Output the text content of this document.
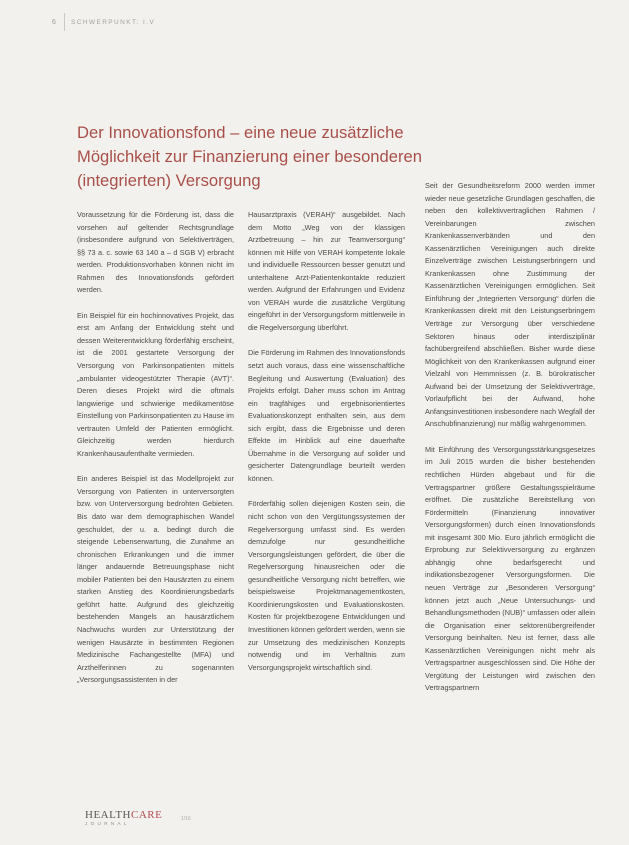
6 SCHWERPUNKT: I.V
Der Innovationsfond – eine neue zusätzliche
Möglichkeit zur Finanzierung einer besonderen
(integrierten) Versorgung

Voraussetzung für die Förderung ist, dass die vorsehen auf geltender Rechtsgrundlage (insbesondere aufgrund von Selektiverträgen, §§ 73 a. c. sowie 63 140 a – d SGB V) erbracht werden. Produktionsvorhaben können nicht im Rahmen des Innovationsfonds gefördert werden.

Ein Beispiel für ein hochinnovatives Projekt, das erst am Anfang der Entwicklung steht und dessen Weiterentwicklung förderfähig erscheint, ist die 2001 gestartete Versorgung der Versorgung von Parkinsonpatienten mittels „ambulanter videogestützter Therapie (AVT)“. Deren dieses Projekt wird die oftmals langwierige und schwierige medikamentöse Einstellung von Parkinsonpatienten zu Hause im vertrauten Umfeld der Patienten ermöglicht. Gleichzeitig werden hierdurch Krankenhausaufenthalte vermieden.

Ein anderes Beispiel ist das Modellprojekt zur Versorgung von Patienten in unterversorgten bzw. von Unterversorgung bedrohten Gebieten. Bis dato war dem demographischen Wandel geschuldet, der u. a. bedingt durch die steigende Lebenserwartung, die Zunahme an chronischen Erkrankungen und die immer länger andauernde Betreuungsphase nicht mobiler Patienten bei den Hausärzten zu einem starken Anstieg des Koordinierungsbedarfs geführt hatte. Aufgrund des gleichzeitig bestehenden Mangels an hausärztlichem Nachwuchs wurden zur Unterstützung der wenigen Hausärzte in bestimmten Regionen Medizinische Fachangestellte (MFA) und Arzthelferinnen zu sogenannten „Versorgungsassistenten in der

Hausarztpraxis (VERAH)“ ausgebildet. Nach dem Motto „Weg von der klassigen Arztbetreuung – hin zur Teamversorgung“ können mit Hilfe von VERAH kompetente lokale und individuelle Ressourcen besser genutzt und unterhaltene Arzt-Patientenkontakte reduziert werden. Aufgrund der Erfahrungen und Evidenz von VERAH wurde die zusätzliche Vergütung eingeführt in der Versorgungsform mittlerweile in die Regelversorgung überführt.

Die Förderung im Rahmen des Innovationsfonds setzt auch voraus, dass eine wissenschaftliche Begleitung und Auswertung (Evaluation) des Projekts erfolgt. Daher muss schon im Antrag ein tragfähiges und ergebnisorientiertes Evaluationskonzept enthalten sein, aus dem sich ergibt, dass die Ergebnisse und deren Effekte im Hinblick auf eine dauerhafte Übernahme in die Versorgung auf solider und gesicherter Datengrundlage beurteilt werden können.

Förderfähig sollen diejenigen Kosten sein, die nicht schon von den Vergütungssystemen der Regelversorgung umfasst sind. Es werden demzufolge nur gesundheitliche Versorgungsleistungen gefördert, die über die Regelversorgung hinausreichen oder die gesundheitliche Versorgung nicht betreffen, wie beispielsweise Projektmanagementkosten, Koordinierungskosten und Evaluationskosten. Kosten für projektbezogene Entwicklungen und Investitionen können gefördert werden, wenn sie zur Umsetzung des medizinischen Konzepts notwendig und im Verhältnis zum Versorgungsprojekt wirtschaftlich sind.

Seit der Gesundheitsreform 2000 werden immer wieder neue gesetzliche Grundlagen geschaffen, die neben den kollektivvertraglichen Rahmen / Vereinbarungen zwischen Krankenkassenverbänden und den Kassenärztlichen Vereinigungen auch direkte Einzelverträge zwischen Leistungserbringern und Krankenkassen ohne Zustimmung der Kassenärztlichen Vereinigungen ermöglichen. Seit Einführung der „Integrierten Versorgung“ dürfen die Krankenkassen direkt mit den Leistungserbringern Verträge zur Versorgung über verschiedene Sektoren hinaus oder interdisziplinär fachübergreifend abschließen. Bisher wurde diese Möglichkeit von den Krankenkassen aufgrund einer Vielzahl von Hemmnissen (z. B. bürokratischer Aufwand bei der Umsetzung der Selektivverträge, Vorlaufpflicht bei der Aufwand, hohe Anfangsinvestitionen insbesondere nach Wegfall der Anschubfinanzierung) nur mäßig wahrgenommen.

Mit Einführung des Versorgungsstärkungsgesetzes im Juli 2015 wurden die bisher bestehenden rechtlichen Hürden abgebaut und für die Vertragspartner größere Gestaltungsspielräume eröffnet. Die zusätzliche Bereitstellung von Fördermitteln (Finanzierung innovativer Versorgungsformen) durch einen Innovationsfonds mit insgesamt 300 Mio. Euro jährlich ermöglicht die Erprobung zur Selektivversorgung zu ergänzen abhängig ohne bedarfsgerecht und indikationsbezogener Versorgungsformen. Die neuen Verträge zur „Besonderen Versorgung“ können jetzt auch „Neue Untersuchungs- und Behandlungsmethoden (NUB)“ umfassen oder allein die Organisation einer sektorenübergreifender Versorgung beinhalten. Neu ist ferner, dass alle Kassenärztlichen Vereinigungen nicht mehr als Vertragspartner ausgeschlossen sind. Die Höhe der Vergütung der Leistungen wird zwischen den Vertragspartnern

HEALTHCARE
JOURNAL
1/16
